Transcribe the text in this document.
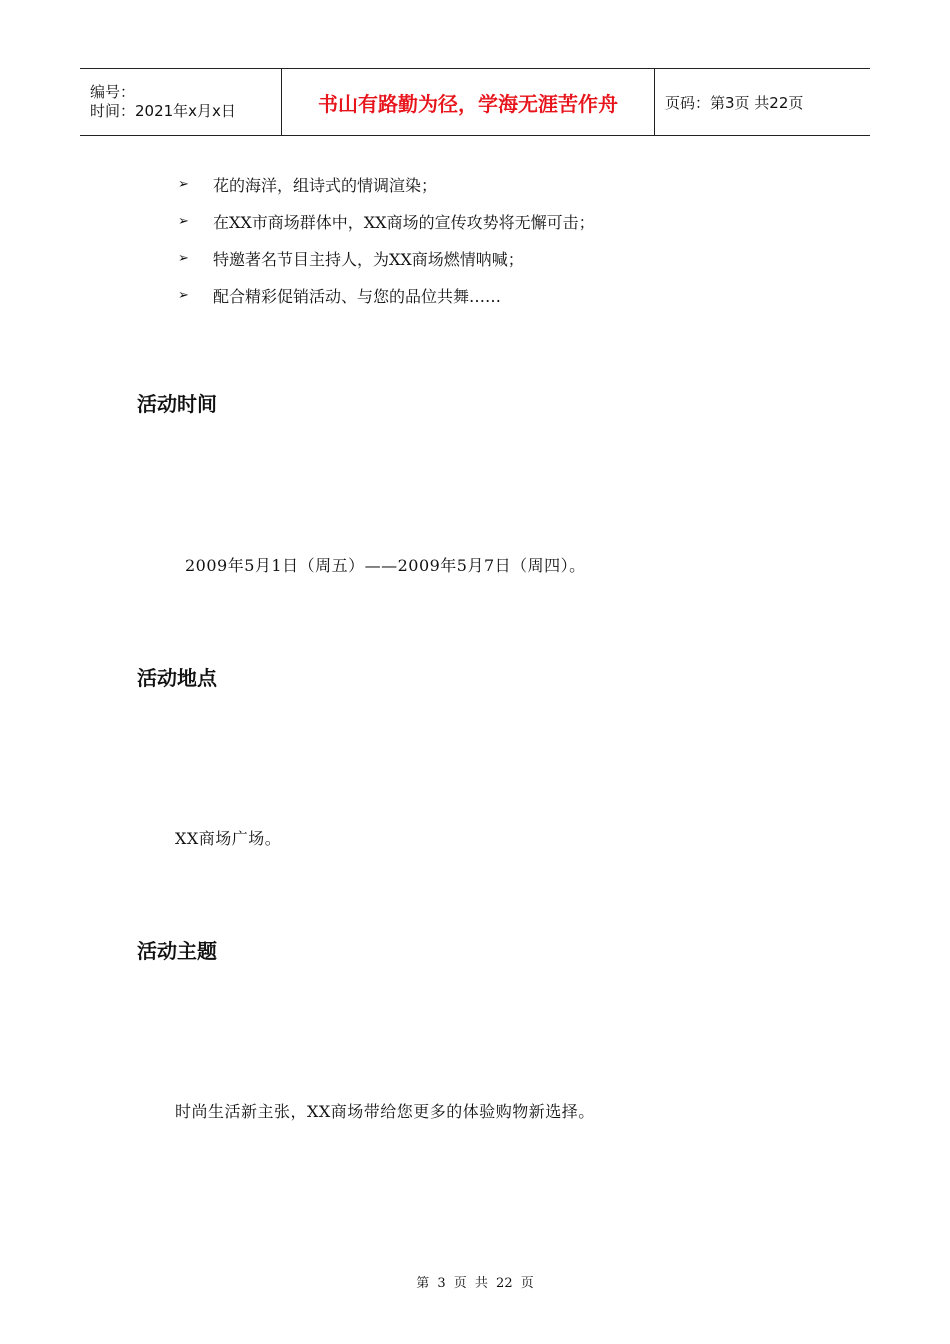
编号：
时间：2021年x月x日	书山有路勤为径，学海无涯苦作舟	页码：第3页 共22页
➢	花的海洋，组诗式的情调渲染；
➢	在XX市商场群体中，XX商场的宣传攻势将无懈可击；
➢	特邀著名节目主持人，为XX商场燃情呐喊；
➢	配合精彩促销活动、与您的品位共舞……
活动时间
2009年5月1日（周五）——2009年5月7日（周四）。
活动地点
XX商场广场。
活动主题
时尚生活新主张，XX商场带给您更多的体验购物新选择。
第 3 页 共 22 页
